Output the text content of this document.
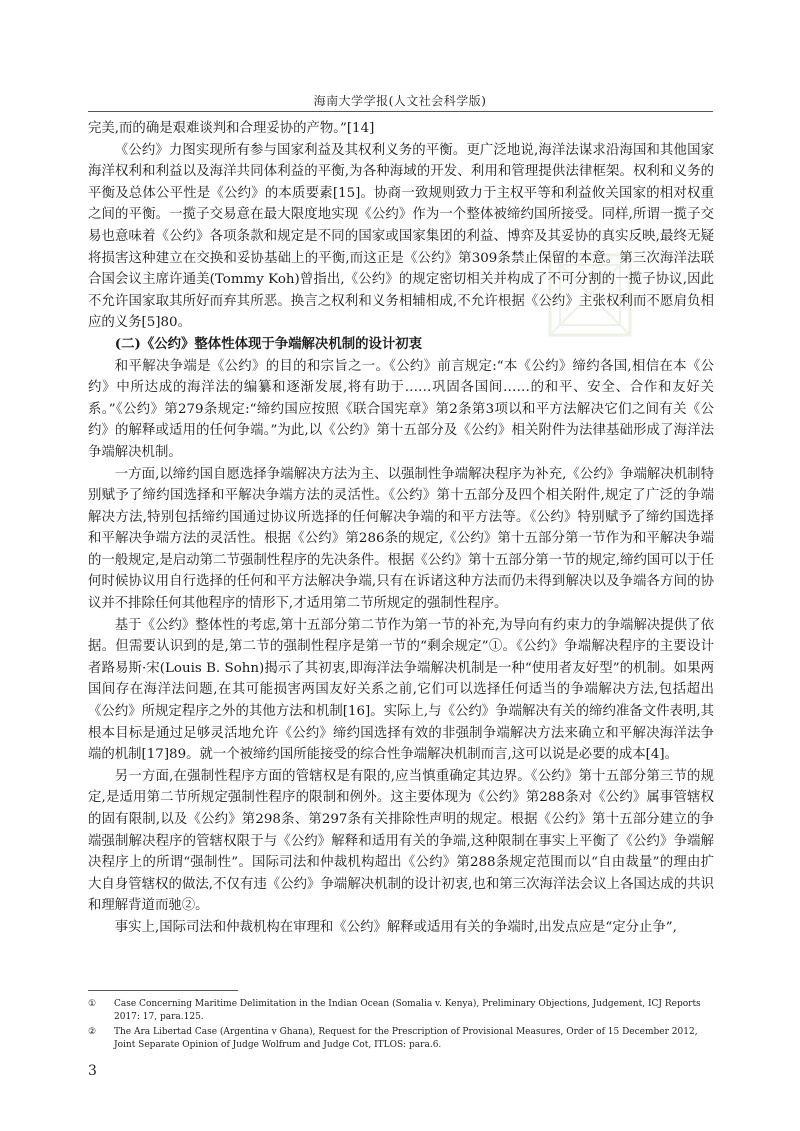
海南大学学报(人文社会科学版)

完美,而的确是艰难谈判和合理妥协的产物。”[14]

《公约》力图实现所有参与国家利益及其权利义务的平衡。更广泛地说,海洋法谋求沿海国和其他国家海洋权利和利益以及海洋共同体利益的平衡,为各种海域的开发、利用和管理提供法律框架。权利和义务的平衡及总体公平性是《公约》的本质要素[15]。协商一致规则致力于主权平等和利益攸关国家的相对权重之间的平衡。一揽子交易意在最大限度地实现《公约》作为一个整体被缔约国所接受。同样,所谓一揽子交易也意味着《公约》各项条款和规定是不同的国家或国家集团的利益、博弈及其妥协的真实反映,最终无疑将损害这种建立在交换和妥协基础上的平衡,而这正是《公约》第309条禁止保留的本意。第三次海洋法联合国会议主席许通美(Tommy Koh)曾指出,《公约》的规定密切相关并构成了不可分割的一揽子协议,因此不允许国家取其所好而弃其所恶。换言之权利和义务相辅相成,不允许根据《公约》主张权利而不愿肩负相应的义务[5]80。

(二)《公约》整体性体现于争端解决机制的设计初衷

和平解决争端是《公约》的目的和宗旨之一。《公约》前言规定:“本《公约》缔约各国,相信在本《公约》中所达成的海洋法的编纂和逐渐发展,将有助于……巩固各国间……的和平、安全、合作和友好关系。”《公约》第279条规定:“缔约国应按照《联合国宪章》第2条第3项以和平方法解决它们之间有关《公约》的解释或适用的任何争端。”为此,以《公约》第十五部分及《公约》相关附件为法律基础形成了海洋法争端解决机制。

一方面,以缔约国自愿选择争端解决方法为主、以强制性争端解决程序为补充,《公约》争端解决机制特别赋予了缔约国选择和平解决争端方法的灵活性。《公约》第十五部分及四个相关附件,规定了广泛的争端解决方法,特别包括缔约国通过协议所选择的任何解决争端的和平方法等。《公约》特别赋予了缔约国选择和平解决争端方法的灵活性。根据《公约》第286条的规定,《公约》第十五部分第一节作为和平解决争端的一般规定,是启动第二节强制性程序的先决条件。根据《公约》第十五部分第一节的规定,缔约国可以于任何时候协议用自行选择的任何和平方法解决争端,只有在诉诸这种方法而仍未得到解决以及争端各方间的协议并不排除任何其他程序的情形下,才适用第二节所规定的强制性程序。

基于《公约》整体性的考虑,第十五部分第二节作为第一节的补充,为导向有约束力的争端解决提供了依据。但需要认识到的是,第二节的强制性程序是第一节的“剩余规定”①。《公约》争端解决程序的主要设计者路易斯·宋(Louis B. Sohn)揭示了其初衷,即海洋法争端解决机制是一种“使用者友好型”的机制。如果两国间存在海洋法问题,在其可能损害两国友好关系之前,它们可以选择任何适当的争端解决方法,包括超出《公约》所规定程序之外的其他方法和机制[16]。实际上,与《公约》争端解决有关的缔约准备文件表明,其根本目标是通过足够灵活地允许《公约》缔约国选择有效的非强制争端解决方法来确立和平解决海洋法争端的机制[17]89。就一个被缔约国所能接受的综合性争端解决机制而言,这可以说是必要的成本[4]。

另一方面,在强制性程序方面的管辖权是有限的,应当慎重确定其边界。《公约》第十五部分第三节的规定,是适用第二节所规定强制性程序的限制和例外。这主要体现为《公约》第288条对《公约》属事管辖权的固有限制,以及《公约》第298条、第297条有关排除性声明的规定。根据《公约》第十五部分建立的争端强制解决程序的管辖权限于与《公约》解释和适用有关的争端,这种限制在事实上平衡了《公约》争端解决程序上的所谓“强制性”。国际司法和仲裁机构超出《公约》第288条规定范围而以“自由裁量”的理由扩大自身管辖权的做法,不仅有违《公约》争端解决机制的设计初衷,也和第三次海洋法会议上各国达成的共识和理解背道而驰②。

事实上,国际司法和仲裁机构在审理和《公约》解释或适用有关的争端时,出发点应是“定分止争”,

①	Case Concerning Maritime Delimitation in the Indian Ocean (Somalia v. Kenya), Preliminary Objections, Judgement, ICJ Reports 2017: 17, para.125.
②	The Ara Libertad Case (Argentina v Ghana), Request for the Prescription of Provisional Measures, Order of 15 December 2012, Joint Separate Opinion of Judge Wolfrum and Judge Cot, ITLOS: para.6.
3
